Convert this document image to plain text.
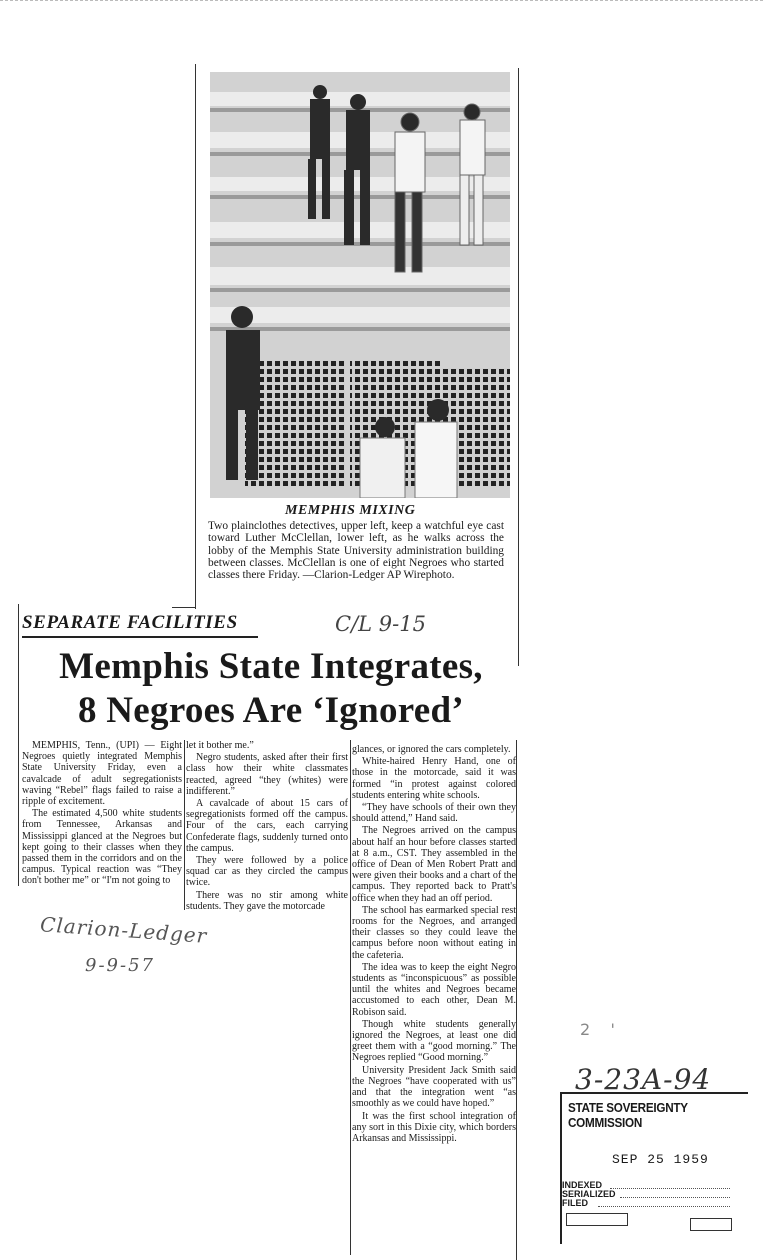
MEMPHIS MIXING
Two plainclothes detectives, upper left, keep a watchful eye cast toward Luther McClellan, lower left, as he walks across the lobby of the Memphis State University administration building between classes. McClellan is one of eight Negroes who started classes there Friday. —Clarion-Ledger AP Wirephoto.
SEPARATE FACILITIES	C/L 9-15
Memphis State Integrates,
8 Negroes Are ‘Ignored’

MEMPHIS, Tenn., (UPI) — Eight Negroes quietly integrated Memphis State University Friday, even a cavalcade of adult segregationists waving “Rebel” flags failed to raise a ripple of excitement.

The estimated 4,500 white students from Tennessee, Arkansas and Mississippi glanced at the Negroes but kept going to their classes when they passed them in the corridors and on the campus. Typical reaction was “They don't bother me” or “I'm not going to

let it bother me.”

Negro students, asked after their first class how their white classmates reacted, agreed “they (whites) were indifferent.”

A cavalcade of about 15 cars of segregationists formed off the campus. Four of the cars, each carrying Confederate flags, suddenly turned onto the campus.

They were followed by a police squad car as they circled the campus twice.

There was no stir among white students. They gave the motorcade

glances, or ignored the cars completely.

White-haired Henry Hand, one of those in the motorcade, said it was formed “in protest against colored students entering white schools.

“They have schools of their own they should attend,” Hand said.

The Negroes arrived on the campus about half an hour before classes started at 8 a.m., CST. They assembled in the office of Dean of Men Robert Pratt and were given their books and a chart of the campus. They reported back to Pratt's office when they had an off period.

The school has earmarked special rest rooms for the Negroes, and arranged their classes so they could leave the campus before noon without eating in the cafeteria.

The idea was to keep the eight Negro students as “inconspicuous” as possible until the whites and Negroes became accustomed to each other, Dean M. Robison said.

Though white students generally ignored the Negroes, at least one did greet them with a “good morning.” The Negroes replied “Good morning.”

University President Jack Smith said the Negroes “have cooperated with us” and that the integration went “as smoothly as we could have hoped.”

It was the first school integration of any sort in this Dixie city, which borders Arkansas and Mississippi.

Clarion-Ledger
9-9-57
2    '
3-23A-94
STATE SOVEREIGNTY COMMISSION
SEP 25 1959
INDEXED
SERIALIZED
FILED
